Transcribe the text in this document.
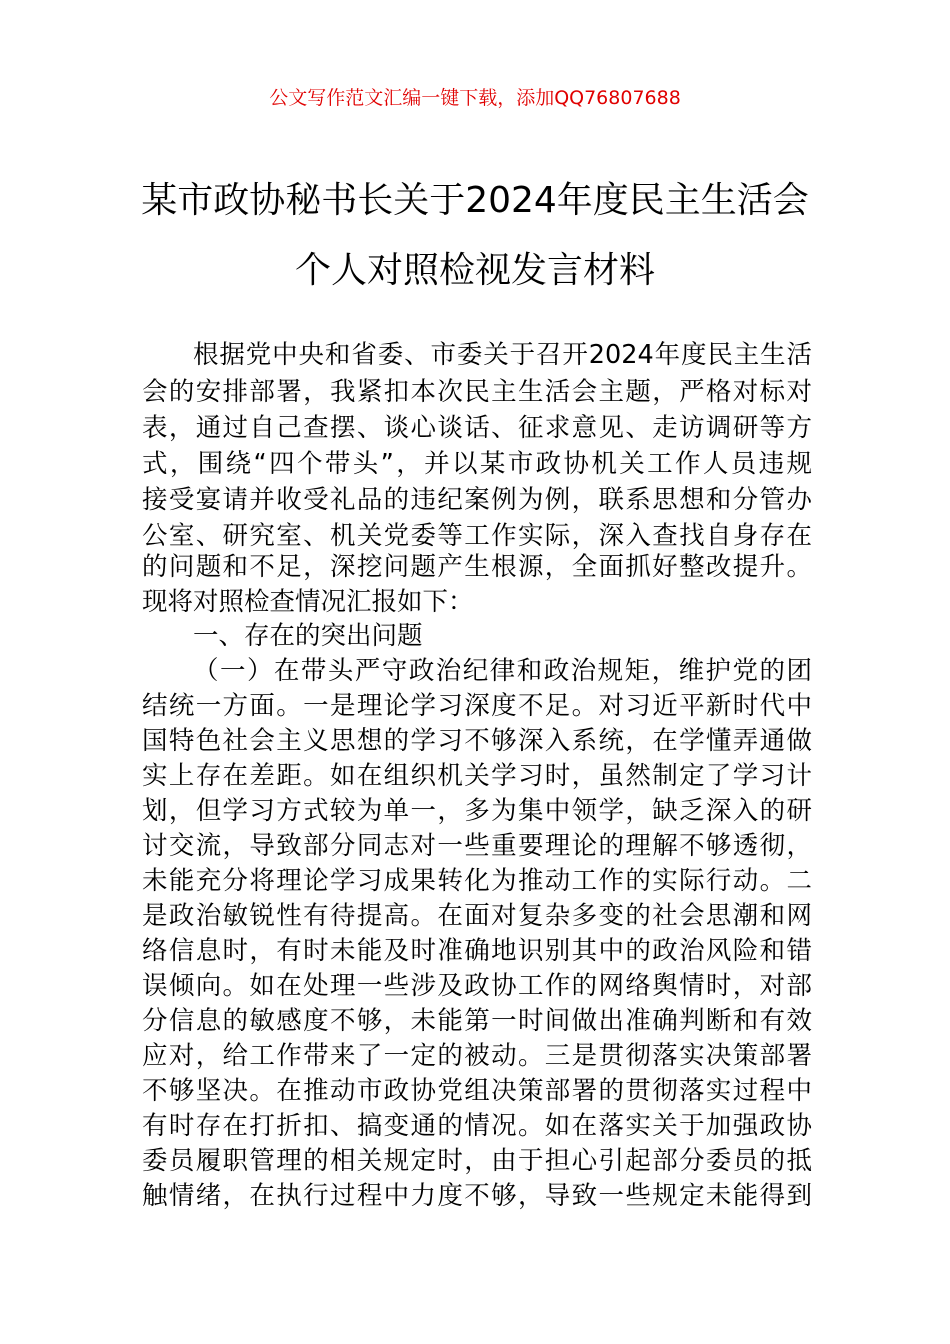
公文写作范文汇编一键下载，添加QQ76807688
某市政协秘书长关于2024年度民主生活会
个人对照检视发言材料
根据党中央和省委、市委关于召开2024年度民主生活
会的安排部署，我紧扣本次民主生活会主题，严格对标对
表，通过自己查摆、谈心谈话、征求意见、走访调研等方
式，围绕“四个带头”，并以某市政协机关工作人员违规
接受宴请并收受礼品的违纪案例为例，联系思想和分管办
公室、研究室、机关党委等工作实际，深入查找自身存在
的问题和不足，深挖问题产生根源，全面抓好整改提升。
现将对照检查情况汇报如下：
一、存在的突出问题
（一）在带头严守政治纪律和政治规矩，维护党的团
结统一方面。一是理论学习深度不足。对习近平新时代中
国特色社会主义思想的学习不够深入系统，在学懂弄通做
实上存在差距。如在组织机关学习时，虽然制定了学习计
划，但学习方式较为单一，多为集中领学，缺乏深入的研
讨交流，导致部分同志对一些重要理论的理解不够透彻，
未能充分将理论学习成果转化为推动工作的实际行动。二
是政治敏锐性有待提高。在面对复杂多变的社会思潮和网
络信息时，有时未能及时准确地识别其中的政治风险和错
误倾向。如在处理一些涉及政协工作的网络舆情时，对部
分信息的敏感度不够，未能第一时间做出准确判断和有效
应对，给工作带来了一定的被动。三是贯彻落实决策部署
不够坚决。在推动市政协党组决策部署的贯彻落实过程中
有时存在打折扣、搞变通的情况。如在落实关于加强政协
委员履职管理的相关规定时，由于担心引起部分委员的抵
触情绪，在执行过程中力度不够，导致一些规定未能得到
